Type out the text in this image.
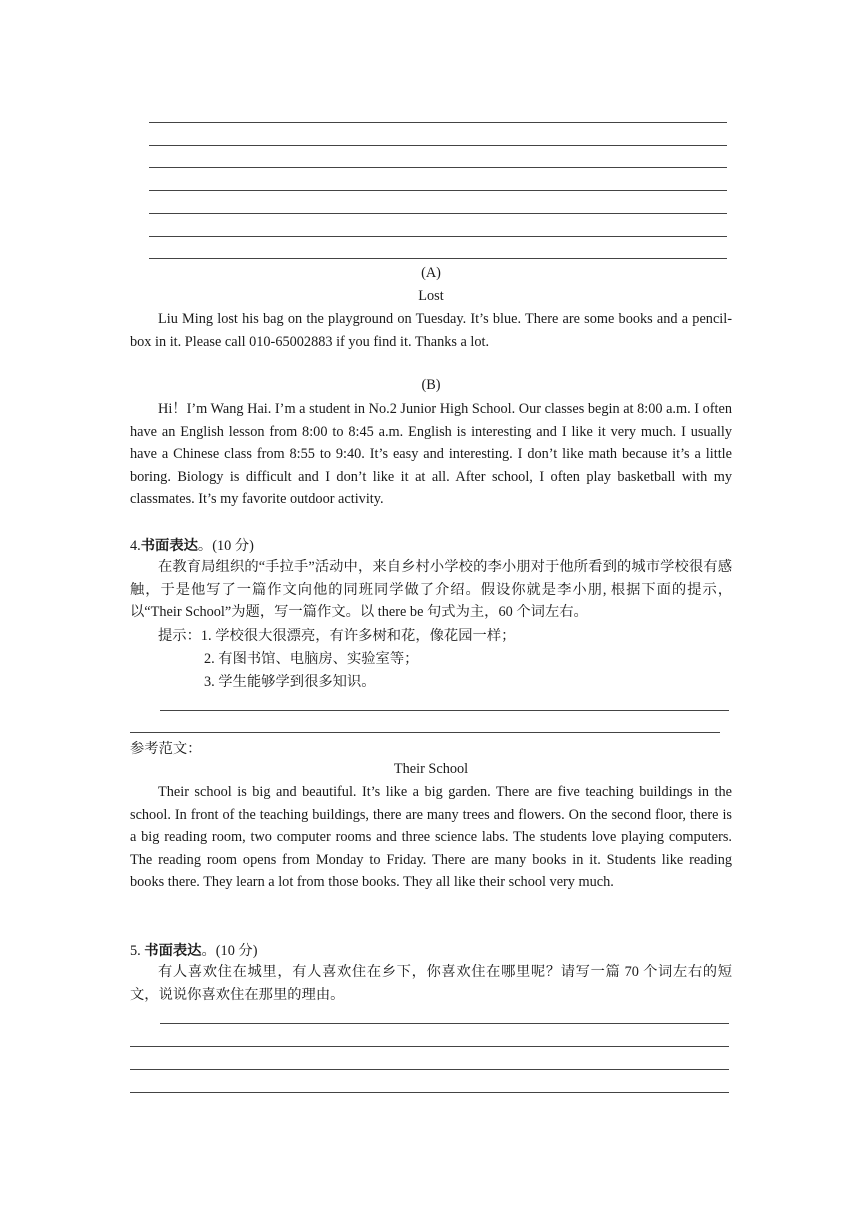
(A)
Lost
Liu Ming lost his bag on the playground on Tuesday. It’s blue. There are some books and a pencil-box in it. Please call 010-65002883 if you find it. Thanks a lot.
(B)
Hi！I’m Wang Hai. I’m a student in No.2 Junior High School. Our classes begin at 8:00 a.m. I often have an English lesson from 8:00 to 8:45 a.m. English is interesting and I like it very much. I usually have a Chinese class from 8:55 to 9:40. It’s easy and interesting. I don’t like math because it’s a little boring. Biology is difficult and I don’t like it at all. After school, I often play basketball with my classmates. It’s my favorite outdoor activity.
4.书面表达。(10 分)
在教育局组织的“手拉手”活动中，来自乡村小学校的李小朋对于他所看到的城市学校很有感触，于是他写了一篇作文向他的同班同学做了介绍。假设你就是李小朋, 根据下面的提示，以“Their School”为题，写一篇作文。以 there be 句式为主，60 个词左右。
提示：1. 学校很大很漂亮，有许多树和花，像花园一样；
2. 有图书馆、电脑房、实验室等；
3. 学生能够学到很多知识。
参考范文：
Their School
Their school is big and beautiful. It’s like a big garden. There are five teaching buildings in the school. In front of the teaching buildings, there are many trees and flowers. On the second floor, there is a big reading room, two computer rooms and three science labs. The students love playing computers. The reading room opens from Monday to Friday. There are many books in it. Students like reading books there. They learn a lot from those books. They all like their school very much.
5. 书面表达。(10 分)
有人喜欢住在城里，有人喜欢住在乡下，你喜欢住在哪里呢？请写一篇 70 个词左右的短文，说说你喜欢住在那里的理由。
